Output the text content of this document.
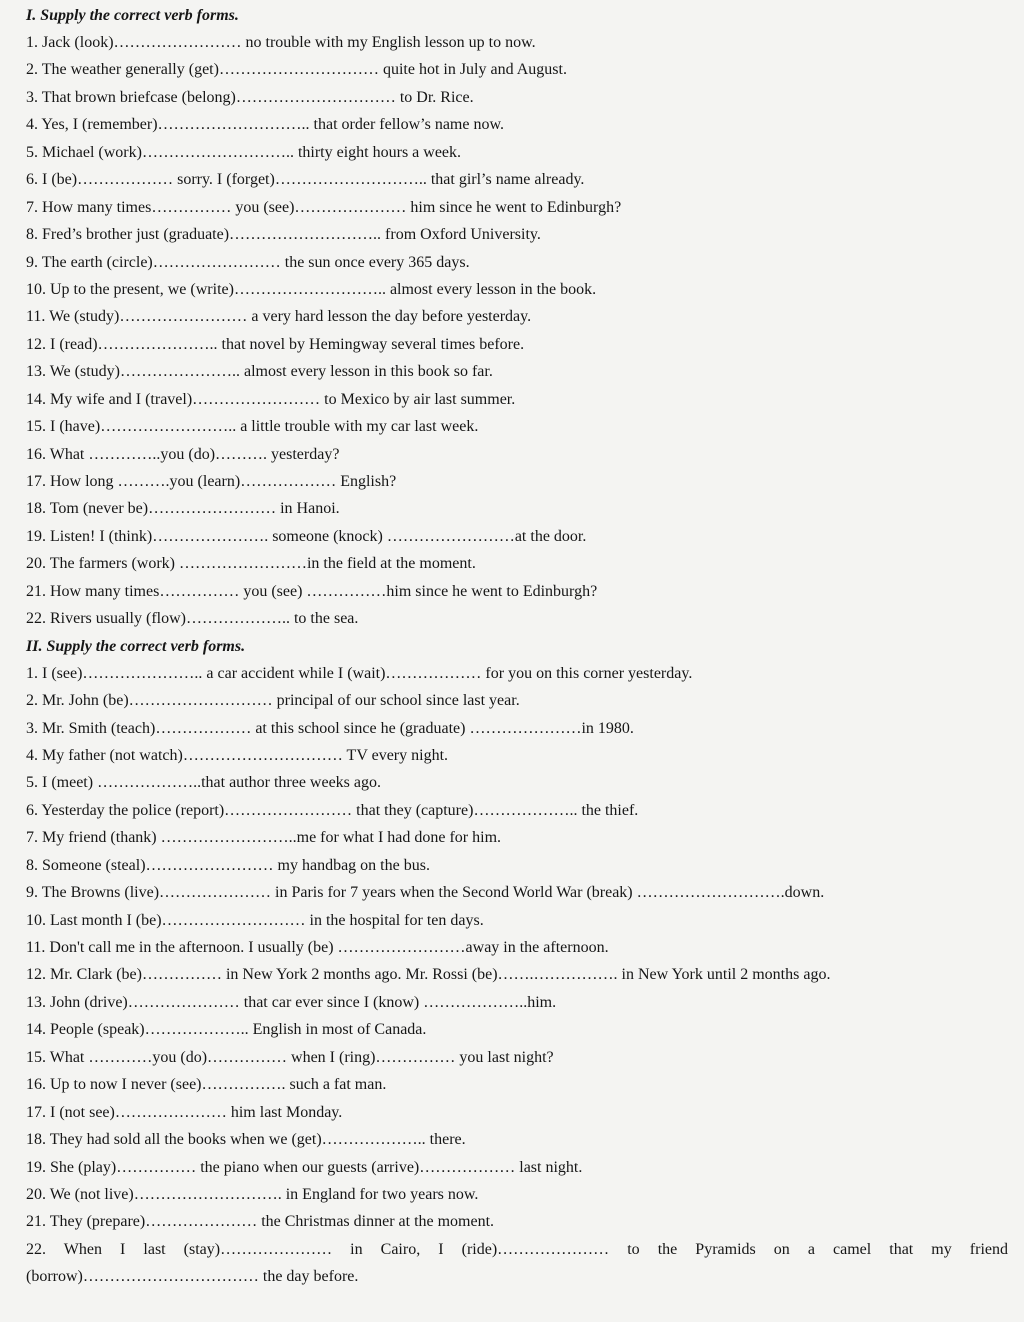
I. Supply the correct verb forms.
1. Jack (look)…………………… no trouble with my English lesson up to now.
2. The weather generally (get)………………………… quite hot in July and August.
3. That brown briefcase (belong)………………………… to Dr. Rice.
4. Yes, I (remember)……………………….. that order fellow’s name now.
5. Michael (work)……………………….. thirty eight hours a week.
6. I (be)……………… sorry. I (forget)……………………….. that girl’s name already.
7. How many times…………… you (see)………………… him since he went to Edinburgh?
8. Fred’s brother just (graduate)……………………….. from Oxford University.
9. The earth (circle)…………………… the sun once every 365 days.
10. Up to the present, we (write)……………………….. almost every lesson in the book.
11. We (study)…………………… a very hard lesson the day before yesterday.
12. I (read)………………….. that novel by Hemingway several times before.
13. We (study)………………….. almost every lesson in this book so far.
14. My wife and I (travel)…………………… to Mexico by air last summer.
15. I (have)…………………….. a little trouble with my car last week.
16. What …………..you (do)………. yesterday?
17. How long ……….you (learn)……………… English?
18. Tom (never be)…………………… in Hanoi.
19. Listen! I (think)…………………. someone (knock) ……………………at the door.
20. The farmers (work) ……………………in the field at the moment.
21. How many times…………… you (see) ……………him since he went to Edinburgh?
22. Rivers usually (flow)……………….. to the sea.
II. Supply the correct verb forms.
1. I (see)………………….. a car accident while I (wait)……………… for you on this corner yesterday.
2. Mr. John (be)……………………… principal of our school since last year.
3. Mr. Smith (teach)……………… at this school since he (graduate) …………………in 1980.
4. My father (not watch)………………………… TV every night.
5. I (meet) ………………..that author three weeks ago.
6. Yesterday the police (report)…………………… that they (capture)……………….. the thief.
7. My friend (thank) ……………………..me for what I had done for him.
8. Someone (steal)…………………… my handbag on the bus.
9. The Browns (live)………………… in Paris for 7 years when the Second World War (break) ……………………….down.
10. Last month I (be)……………………… in the hospital for ten days.
11. Don't call me in the afternoon. I usually (be) ……………………away in the afternoon.
12. Mr. Clark (be)…………… in New York 2 months ago. Mr. Rossi (be)…….……………. in New York until 2 months ago.
13. John (drive)………………… that car ever since I (know) ………………..him.
14. People (speak)……………….. English in most of Canada.
15. What …………you (do)…………… when I (ring)…………… you last night?
16. Up to now I never (see)……………. such a fat man.
17. I (not see)………………… him last Monday.
18. They had sold all the books when we (get)……………….. there.
19. She (play)…………… the piano when our guests (arrive)……………… last night.
20. We (not live)………………………. in England for two years now.
21. They (prepare)………………… the Christmas dinner at the moment.
22. When I last (stay)………………… in Cairo, I (ride)………………… to the Pyramids on a camel that my friend
(borrow)…………………………… the day before.
